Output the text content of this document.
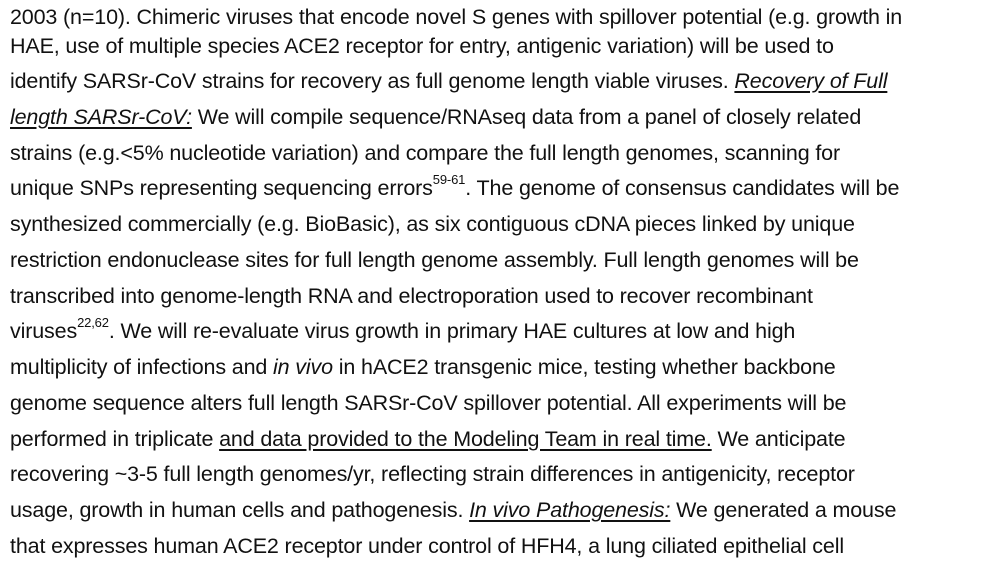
2003 (n=10). Chimeric viruses that encode novel S genes with spillover potential (e.g. growth in
HAE, use of multiple species ACE2 receptor for entry, antigenic variation) will be used to
identify SARSr-CoV strains for recovery as full genome length viable viruses. Recovery of Full
length SARSr-CoV: We will compile sequence/RNAseq data from a panel of closely related
strains (e.g.<5% nucleotide variation) and compare the full length genomes, scanning for
unique SNPs representing sequencing errors$^{59-61}$. The genome of consensus candidates will be
synthesized commercially (e.g. BioBasic), as six contiguous cDNA pieces linked by unique
restriction endonuclease sites for full length genome assembly. Full length genomes will be
transcribed into genome-length RNA and electroporation used to recover recombinant
viruses$^{22,62}$. We will re-evaluate virus growth in primary HAE cultures at low and high
multiplicity of infections and in vivo in hACE2 transgenic mice, testing whether backbone
genome sequence alters full length SARSr-CoV spillover potential. All experiments will be
performed in triplicate and data provided to the Modeling Team in real time. We anticipate
recovering ~3-5 full length genomes/yr, reflecting strain differences in antigenicity, receptor
usage, growth in human cells and pathogenesis. In vivo Pathogenesis: We generated a mouse
that expresses human ACE2 receptor under control of HFH4, a lung ciliated epithelial cell
